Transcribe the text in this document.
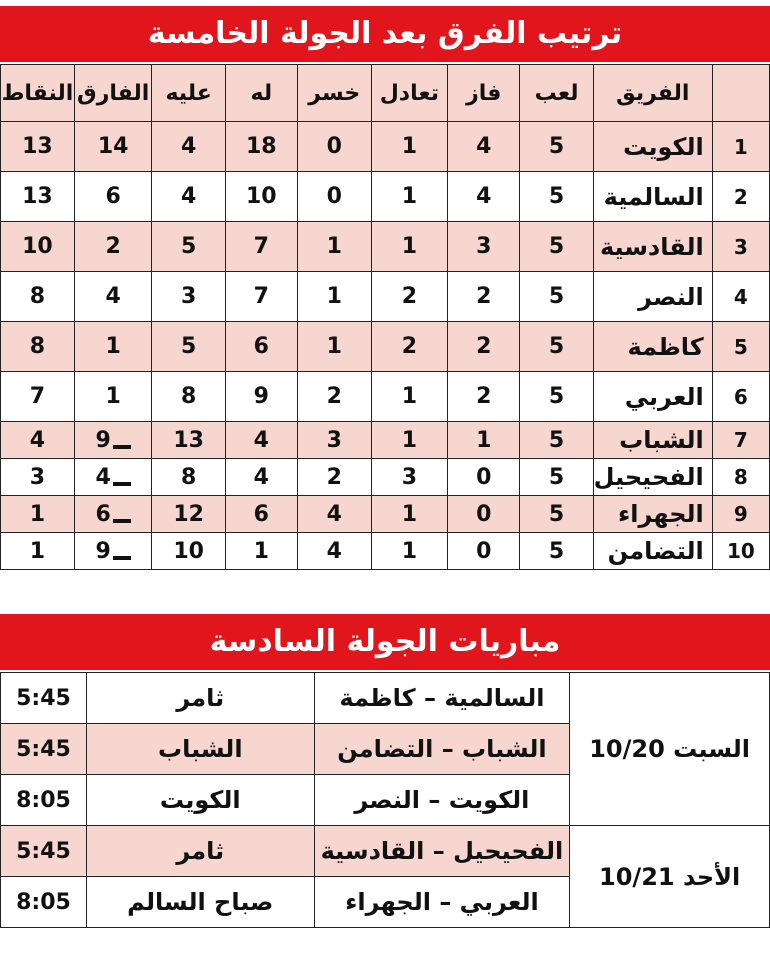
ترتيب الفرق بعد الجولة الخامسة
النقاط	الفارق	عليه	له	خسر	تعادل	فاز	لعب	الفريق	
13	14	4	18	0	1	4	5	الكويت	1
13	6	4	10	0	1	4	5	السالمية	2
10	2	5	7	1	1	3	5	القادسية	3
8	4	3	7	1	2	2	5	النصر	4
8	1	5	6	1	2	2	5	كاظمة	5
7	1	8	9	2	1	2	5	العربي	6
4	9	13	4	3	1	1	5	الشباب	7
3	4	8	4	2	3	0	5	الفحيحيل	8
1	6	12	6	4	1	0	5	الجهراء	9
1	9	10	1	4	1	0	5	التضامن	10
مباريات الجولة السادسة
5:45	ثامر	السالمية – كاظمة	السبت 10/20
5:45	الشباب	الشباب – التضامن	
8:05	الكويت	الكويت – النصر	
5:45	ثامر	الفحيحيل – القادسية	الأحد 10/21
8:05	صباح السالم	العربي – الجهراء	
